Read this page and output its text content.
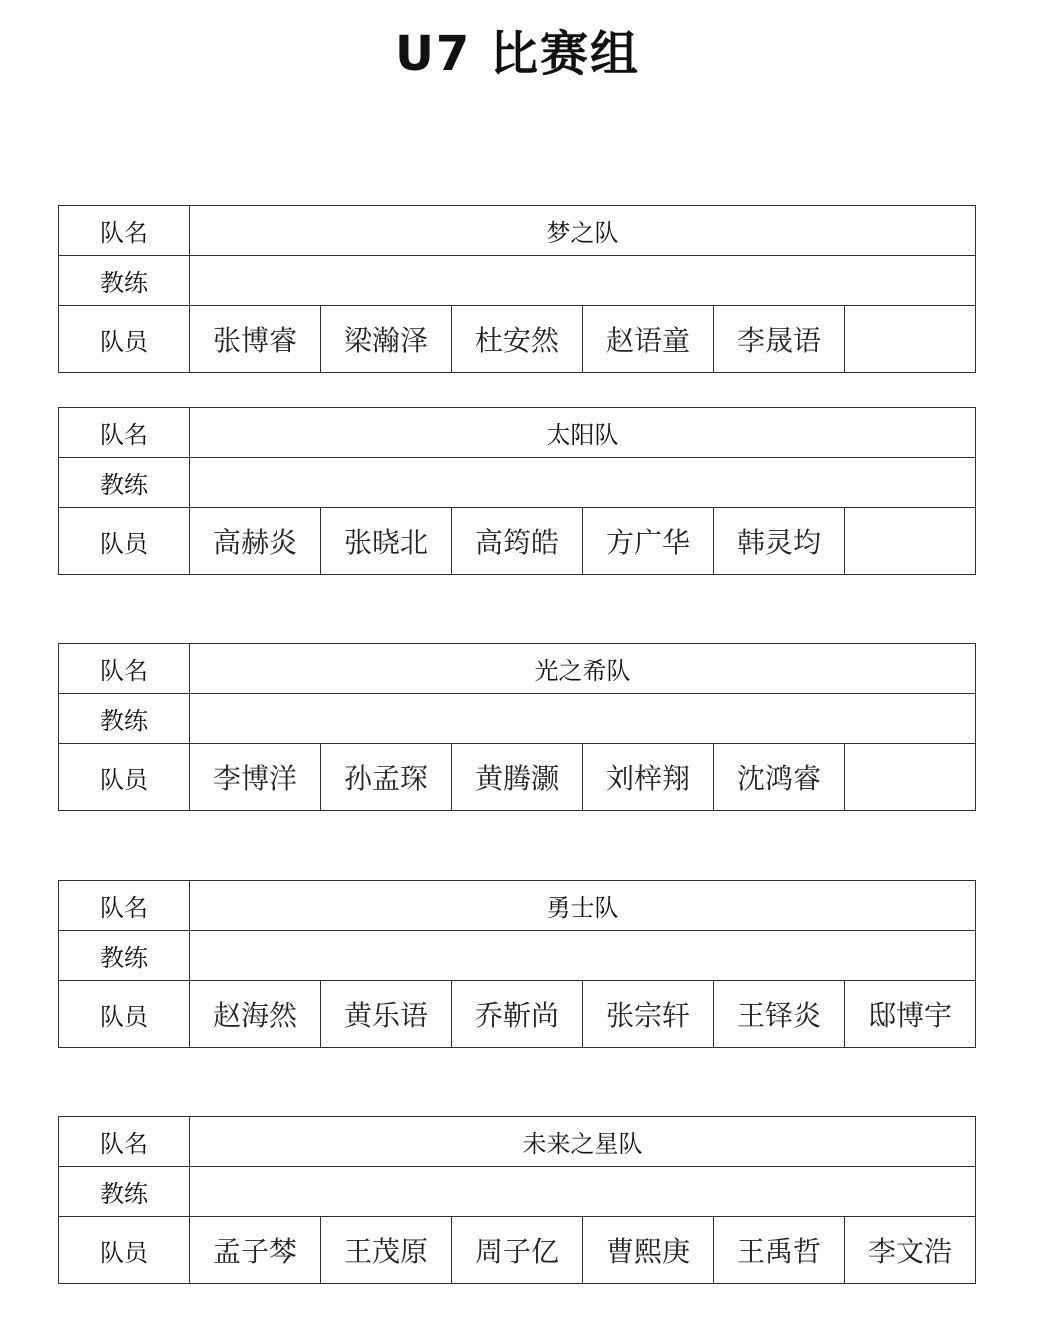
U7 比赛组
队名	梦之队					
教练						
队员	张博睿	梁瀚泽	杜安然	赵语童	李晟语	
队名	太阳队					
教练						
队员	高赫炎	张晓北	高筠皓	方广华	韩灵均	
队名	光之希队					
教练						
队员	李博洋	孙孟琛	黄腾灏	刘梓翔	沈鸿睿	
队名	勇士队					
教练						
队员	赵海然	黄乐语	乔靳尚	张宗轩	王铎炎	邸博宇
队名	未来之星队					
教练						
队员	孟子棽	王茂原	周子亿	曹熙庚	王禹哲	李文浩
